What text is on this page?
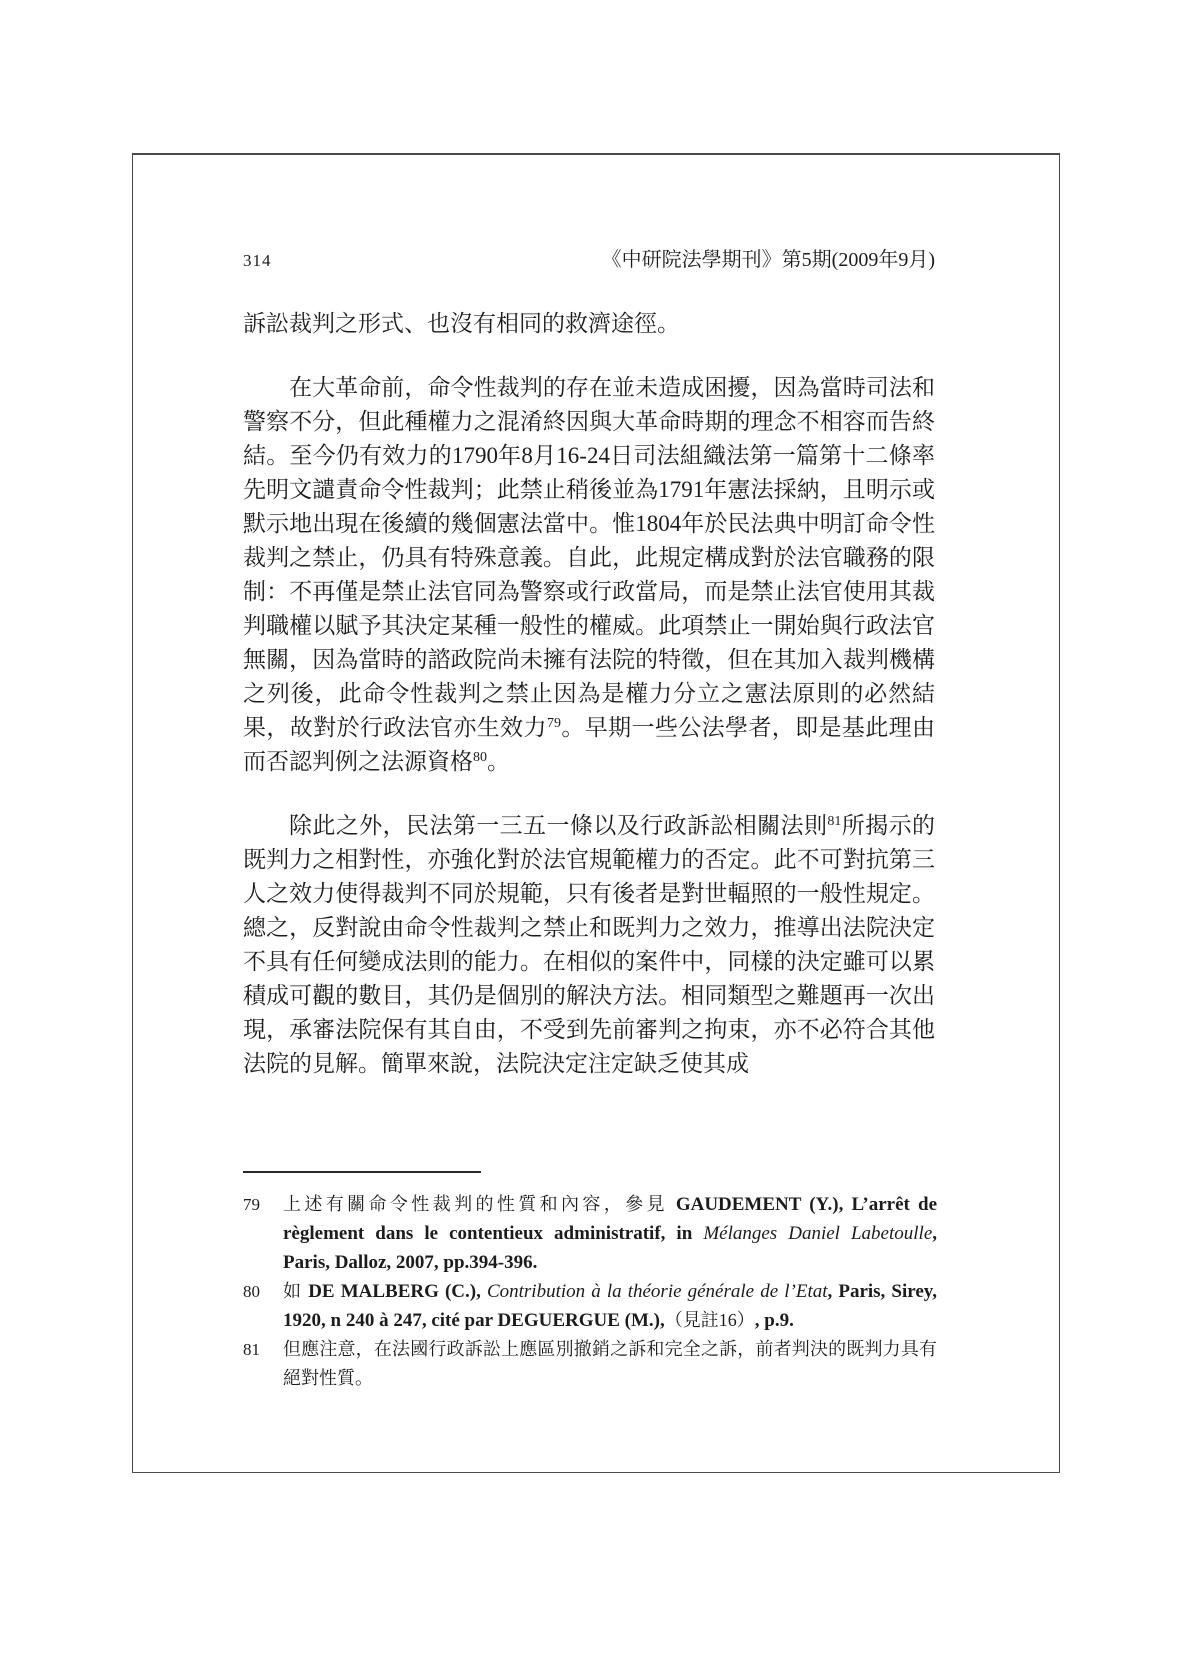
314	《中研院法學期刊》第5期(2009年9月)

訴訟裁判之形式、也沒有相同的救濟途徑。

在大革命前，命令性裁判的存在並未造成困擾，因為當時司法和警察不分，但此種權力之混淆終因與大革命時期的理念不相容而告終結。至今仍有效力的1790年8月16-24日司法組織法第一篇第十二條率先明文譴責命令性裁判；此禁止稍後並為1791年憲法採納，且明示或默示地出現在後續的幾個憲法當中。惟1804年於民法典中明訂命令性裁判之禁止，仍具有特殊意義。自此，此規定構成對於法官職務的限制：不再僅是禁止法官同為警察或行政當局，而是禁止法官使用其裁判職權以賦予其決定某種一般性的權威。此項禁止一開始與行政法官無關，因為當時的諮政院尚未擁有法院的特徵，但在其加入裁判機構之列後，此命令性裁判之禁止因為是權力分立之憲法原則的必然結果，故對於行政法官亦生效力$^{79}$。早期一些公法學者，即是基此理由而否認判例之法源資格$^{80}$。

除此之外，民法第一三五一條以及行政訴訟相關法則$^{81}$所揭示的既判力之相對性，亦強化對於法官規範權力的否定。此不可對抗第三人之效力使得裁判不同於規範，只有後者是對世輻照的一般性規定。總之，反對說由命令性裁判之禁止和既判力之效力，推導出法院決定不具有任何變成法則的能力。在相似的案件中，同樣的決定雖可以累積成可觀的數目，其仍是個別的解決方法。相同類型之難題再一次出現，承審法院保有其自由，不受到先前審判之拘束，亦不必符合其他法院的見解。簡單來說，法院決定注定缺乏使其成

79	上述有關命令性裁判的性質和內容，參見 GAUDEMENT (Y.), L’arrêt de règlement dans le contentieux administratif, in Mélanges Daniel Labetoulle, Paris, Dalloz, 2007, pp.394-396.
80	如 DE MALBERG (C.), Contribution à la théorie générale de l’Etat, Paris, Sirey, 1920, n 240 à 247, cité par DEGUERGUE (M.),（見註16）, p.9.
81	但應注意，在法國行政訴訟上應區別撤銷之訴和完全之訴，前者判決的既判力具有絕對性質。
